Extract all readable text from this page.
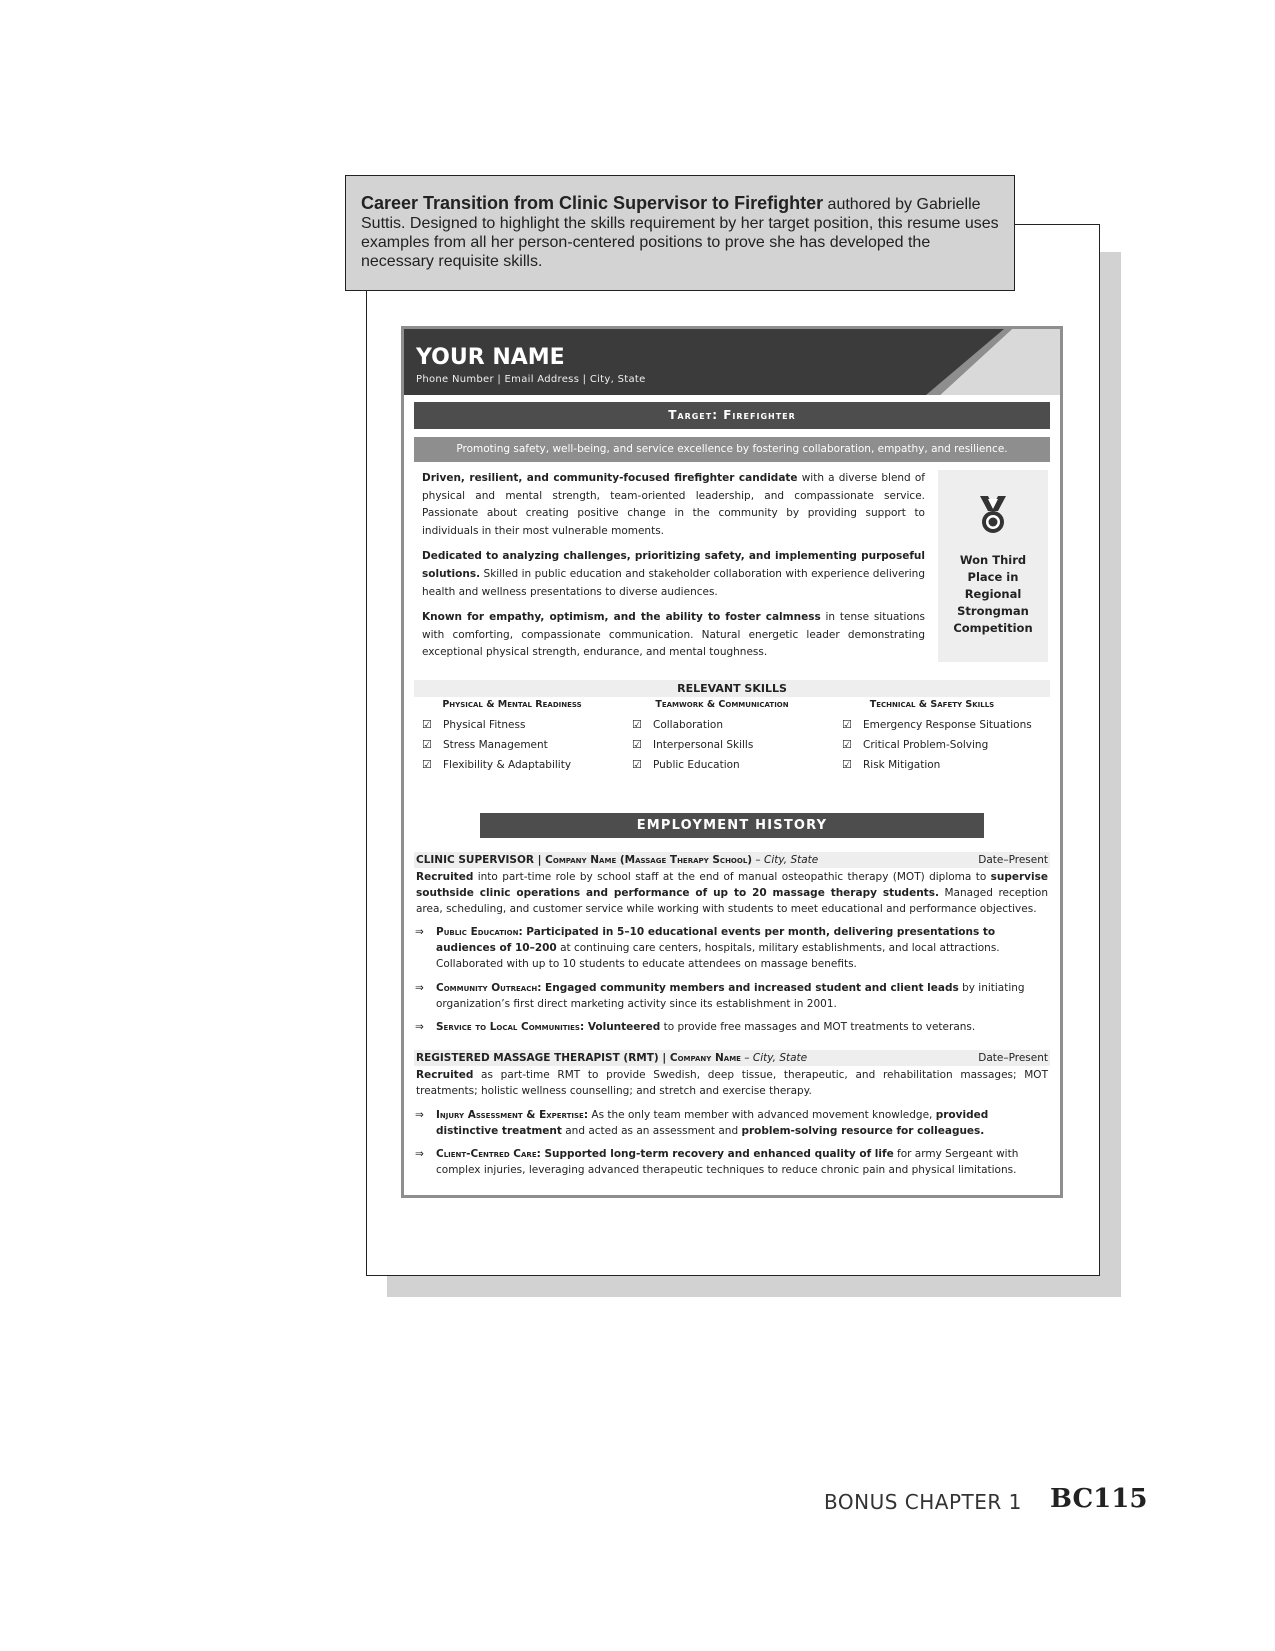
Career Transition from Clinic Supervisor to Firefighter authored by Gabrielle Suttis. Designed to highlight the skills requirement by her target position, this resume uses examples from all her person-centered positions to prove she has developed the necessary requisite skills.
YOUR NAME
Phone Number | Email Address | City, State
Target: Firefighter
Promoting safety, well-being, and service excellence by fostering collaboration, empathy, and resilience.

Driven, resilient, and community-focused firefighter candidate with a diverse blend of physical and mental strength, team-oriented leadership, and compassionate service. Passionate about creating positive change in the community by providing support to individuals in their most vulnerable moments.

Dedicated to analyzing challenges, prioritizing safety, and implementing purposeful solutions. Skilled in public education and stakeholder collaboration with experience delivering health and wellness presentations to diverse audiences.

Known for empathy, optimism, and the ability to foster calmness in tense situations with comforting, compassionate communication. Natural energetic leader demonstrating exceptional physical strength, endurance, and mental toughness.

Won Third Place in Regional Strongman Competition
RELEVANT SKILLS
Physical & Mental Readiness
☑ Physical Fitness
☑ Stress Management
☑ Flexibility & Adaptability
Teamwork & Communication
☑ Collaboration
☑ Interpersonal Skills
☑ Public Education
Technical & Safety Skills
☑ Emergency Response Situations
☑ Critical Problem-Solving
☑ Risk Mitigation
EMPLOYMENT HISTORY
CLINIC SUPERVISOR | Company Name (Massage Therapy School) – City, State	Date–Present
Recruited into part-time role by school staff at the end of manual osteopathic therapy (MOT) diploma to supervise southside clinic operations and performance of up to 20 massage therapy students. Managed reception area, scheduling, and customer service while working with students to meet educational and performance objectives.
⇒ Public Education: Participated in 5–10 educational events per month, delivering presentations to audiences of 10–200 at continuing care centers, hospitals, military establishments, and local attractions. Collaborated with up to 10 students to educate attendees on massage benefits.
⇒ Community Outreach: Engaged community members and increased student and client leads by initiating organization’s first direct marketing activity since its establishment in 2001.
⇒ Service to Local Communities: Volunteered to provide free massages and MOT treatments to veterans.
REGISTERED MASSAGE THERAPIST (RMT) | Company Name – City, State	Date–Present
Recruited as part-time RMT to provide Swedish, deep tissue, therapeutic, and rehabilitation massages; MOT treatments; holistic wellness counselling; and stretch and exercise therapy.
⇒ Injury Assessment & Expertise: As the only team member with advanced movement knowledge, provided distinctive treatment and acted as an assessment and problem-solving resource for colleagues.
⇒ Client-Centred Care: Supported long-term recovery and enhanced quality of life for army Sergeant with complex injuries, leveraging advanced therapeutic techniques to reduce chronic pain and physical limitations.
BONUS CHAPTER 1 BC115
